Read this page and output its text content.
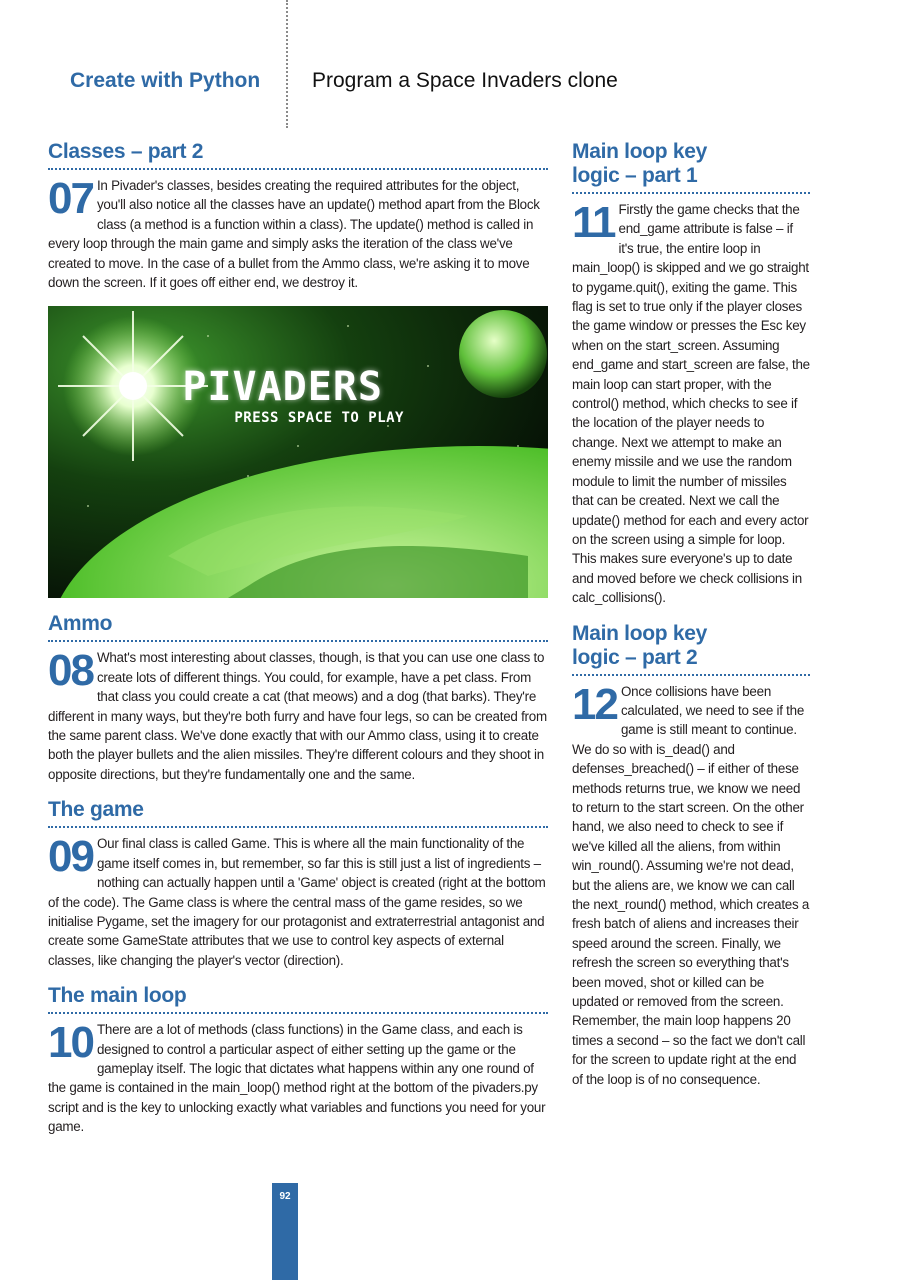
Create with Python Program a Space Invaders clone
Classes – part 2

07 In Pivader's classes, besides creating the required attributes for the object, you'll also notice all the classes have an update() method apart from the Block class (a method is a function within a class). The update() method is called in every loop through the main game and simply asks the iteration of the class we've created to move. In the case of a bullet from the Ammo class, we're asking it to move down the screen. If it goes off either end, we destroy it.

PIVADERS
PRESS SPACE TO PLAY
Ammo

08 What's most interesting about classes, though, is that you can use one class to create lots of different things. You could, for example, have a pet class. From that class you could create a cat (that meows) and a dog (that barks). They're different in many ways, but they're both furry and have four legs, so can be created from the same parent class. We've done exactly that with our Ammo class, using it to create both the player bullets and the alien missiles. They're different colours and they shoot in opposite directions, but they're fundamentally one and the same.

The game

09 Our final class is called Game. This is where all the main functionality of the game itself comes in, but remember, so far this is still just a list of ingredients – nothing can actually happen until a 'Game' object is created (right at the bottom of the code). The Game class is where the central mass of the game resides, so we initialise Pygame, set the imagery for our protagonist and extraterrestrial antagonist and create some GameState attributes that we use to control key aspects of external classes, like changing the player's vector (direction).

The main loop

10 There are a lot of methods (class functions) in the Game class, and each is designed to control a particular aspect of either setting up the game or the gameplay itself. The logic that dictates what happens within any one round of the game is contained in the main_loop() method right at the bottom of the pivaders.py script and is the key to unlocking exactly what variables and functions you need for your game.

Main loop key
logic – part 1

11 Firstly the game checks that the end_game attribute is false – if it's true, the entire loop in main_loop() is skipped and we go straight to pygame.quit(), exiting the game. This flag is set to true only if the player closes the game window or presses the Esc key when on the start_screen. Assuming end_game and start_screen are false, the main loop can start proper, with the control() method, which checks to see if the location of the player needs to change. Next we attempt to make an enemy missile and we use the random module to limit the number of missiles that can be created. Next we call the update() method for each and every actor on the screen using a simple for loop. This makes sure everyone's up to date and moved before we check collisions in calc_collisions().

Main loop key
logic – part 2

12 Once collisions have been calculated, we need to see if the game is still meant to continue. We do so with is_dead() and defenses_breached() – if either of these methods returns true, we know we need to return to the start screen. On the other hand, we also need to check to see if we've killed all the aliens, from within win_round(). Assuming we're not dead, but the aliens are, we know we can call the next_round() method, which creates a fresh batch of aliens and increases their speed around the screen. Finally, we refresh the screen so everything that's been moved, shot or killed can be updated or removed from the screen. Remember, the main loop happens 20 times a second – so the fact we don't call for the screen to update right at the end of the loop is of no consequence.

92
